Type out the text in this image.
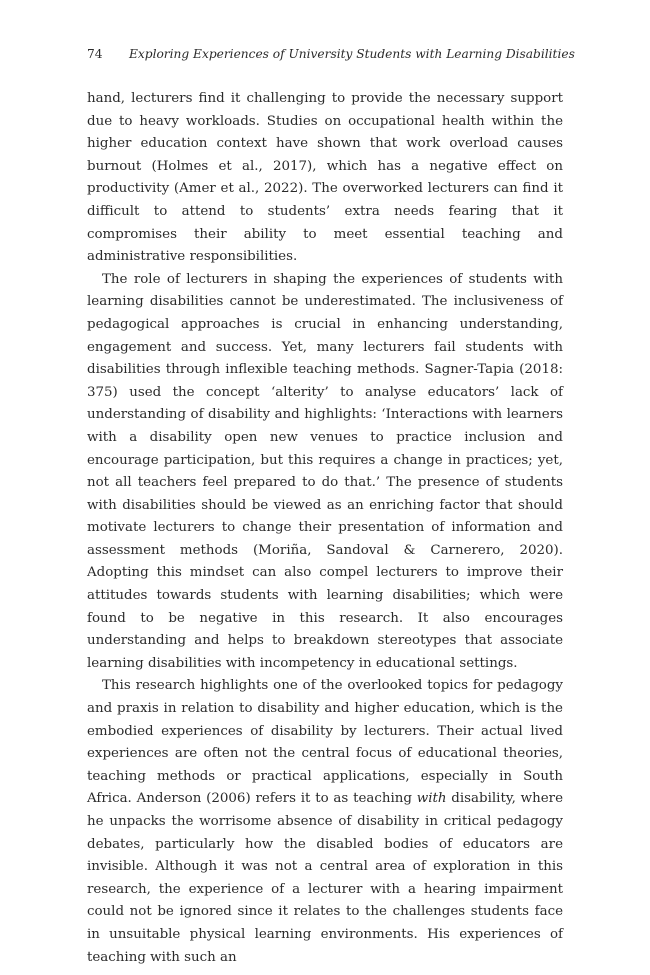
74 Exploring Experiences of University Students with Learning Disabilities

hand, lecturers find it challenging to provide the necessary support due to heavy workloads. Studies on occupational health within the higher education context have shown that work overload causes burnout (Holmes et al., 2017), which has a negative effect on productivity (Amer et al., 2022). The overworked lecturers can find it difficult to attend to students’ extra needs fearing that it compromises their ability to meet essential teaching and administrative responsibilities.

The role of lecturers in shaping the experiences of students with learning disabilities cannot be underestimated. The inclusiveness of pedagogical approaches is crucial in enhancing understanding, engagement and success. Yet, many lecturers fail students with disabilities through inflexible teaching methods. Sagner-Tapia (2018: 375) used the concept ‘alterity’ to analyse educators’ lack of understanding of disability and highlights: ‘Interactions with learners with a disability open new venues to practice inclusion and encourage participation, but this requires a change in practices; yet, not all teachers feel prepared to do that.’ The presence of students with disabilities should be viewed as an enriching factor that should motivate lecturers to change their presentation of information and assessment methods (Moriña, Sandoval & Carnerero, 2020). Adopting this mindset can also compel lecturers to improve their attitudes towards students with learning disabilities; which were found to be negative in this research. It also encourages understanding and helps to breakdown stereotypes that associate learning disabilities with incompetency in educational settings.

This research highlights one of the overlooked topics for pedagogy and praxis in relation to disability and higher education, which is the embodied experiences of disability by lecturers. Their actual lived experiences are often not the central focus of educational theories, teaching methods or practical applications, especially in South Africa. Anderson (2006) refers it to as teaching with disability, where he unpacks the worrisome absence of disability in critical pedagogy debates, particularly how the disabled bodies of educators are invisible. Although it was not a central area of exploration in this research, the experience of a lecturer with a hearing impairment could not be ignored since it relates to the challenges students face in unsuitable physical learning environments. His experiences of teaching with such an
